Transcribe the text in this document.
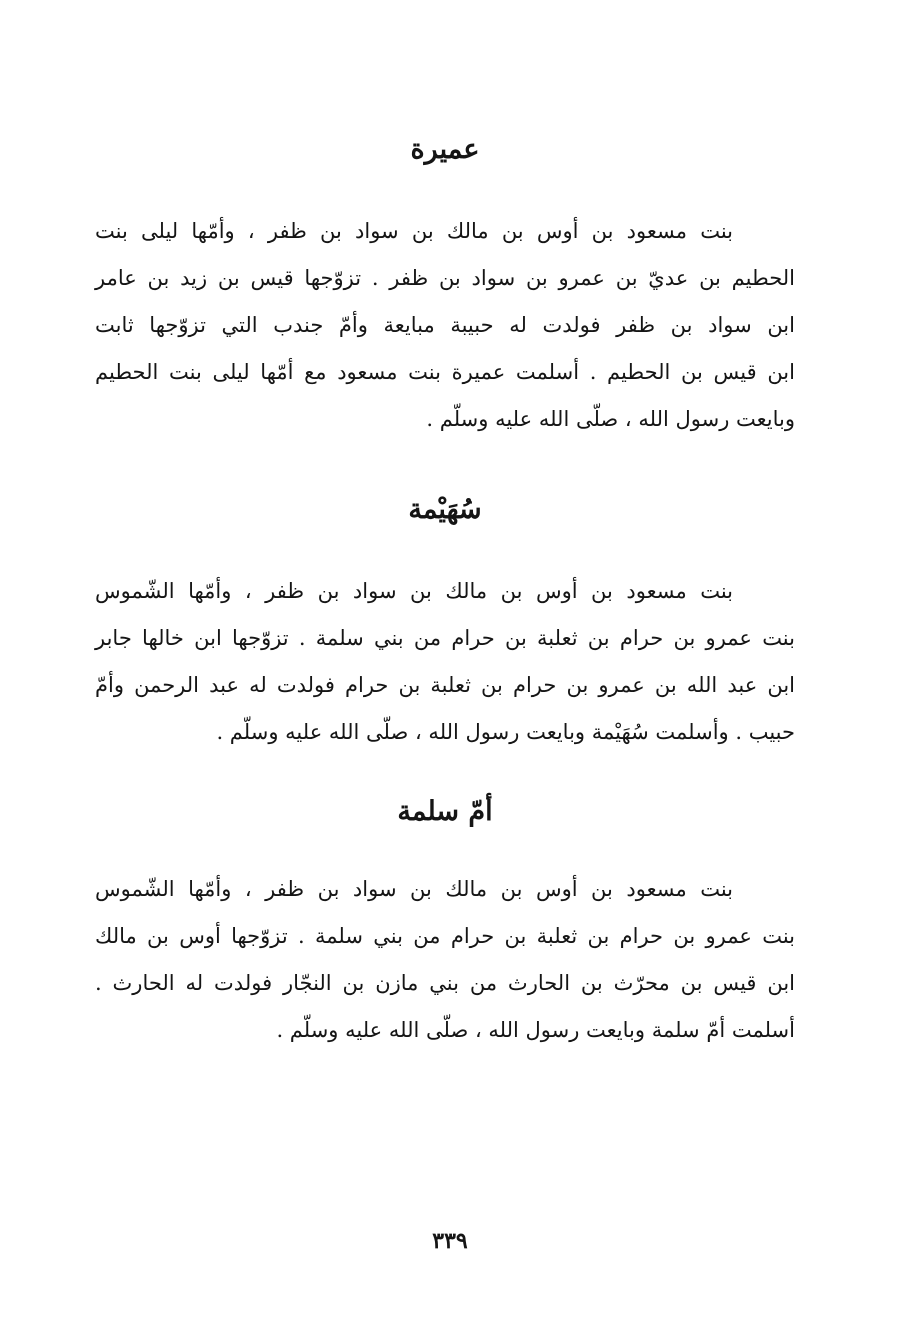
عميرة

بنت مسعود بن أوس بن مالك بن سواد بن ظفر ، وأمّها ليلى بنت

الحطيم بن عديّ بن عمرو بن سواد بن ظفر . تزوّجها قيس بن زيد بن عامر

ابن سواد بن ظفر فولدت له حبيبة مبايعة وأمّ جندب التي تزوّجها ثابت

ابن قيس بن الحطيم . أسلمت عميرة بنت مسعود مع أمّها ليلى بنت الحطيم

وبايعت رسول الله ، صلّى الله عليه وسلّم .

سُهَيْمة

بنت مسعود بن أوس بن مالك بن سواد بن ظفر ، وأمّها الشّموس

بنت عمرو بن حرام بن ثعلبة بن حرام من بني سلمة . تزوّجها ابن خالها جابر

ابن عبد الله بن عمرو بن حرام بن ثعلبة بن حرام فولدت له عبد الرحمن وأمّ

حبيب . وأسلمت سُهَيْمة وبايعت رسول الله ، صلّى الله عليه وسلّم .

أمّ سلمة

بنت مسعود بن أوس بن مالك بن سواد بن ظفر ، وأمّها الشّموس

بنت عمرو بن حرام بن ثعلبة بن حرام من بني سلمة . تزوّجها أوس بن مالك

ابن قيس بن محرّث بن الحارث من بني مازن بن النجّار فولدت له الحارث .

أسلمت أمّ سلمة وبايعت رسول الله ، صلّى الله عليه وسلّم .

٣٣٩
